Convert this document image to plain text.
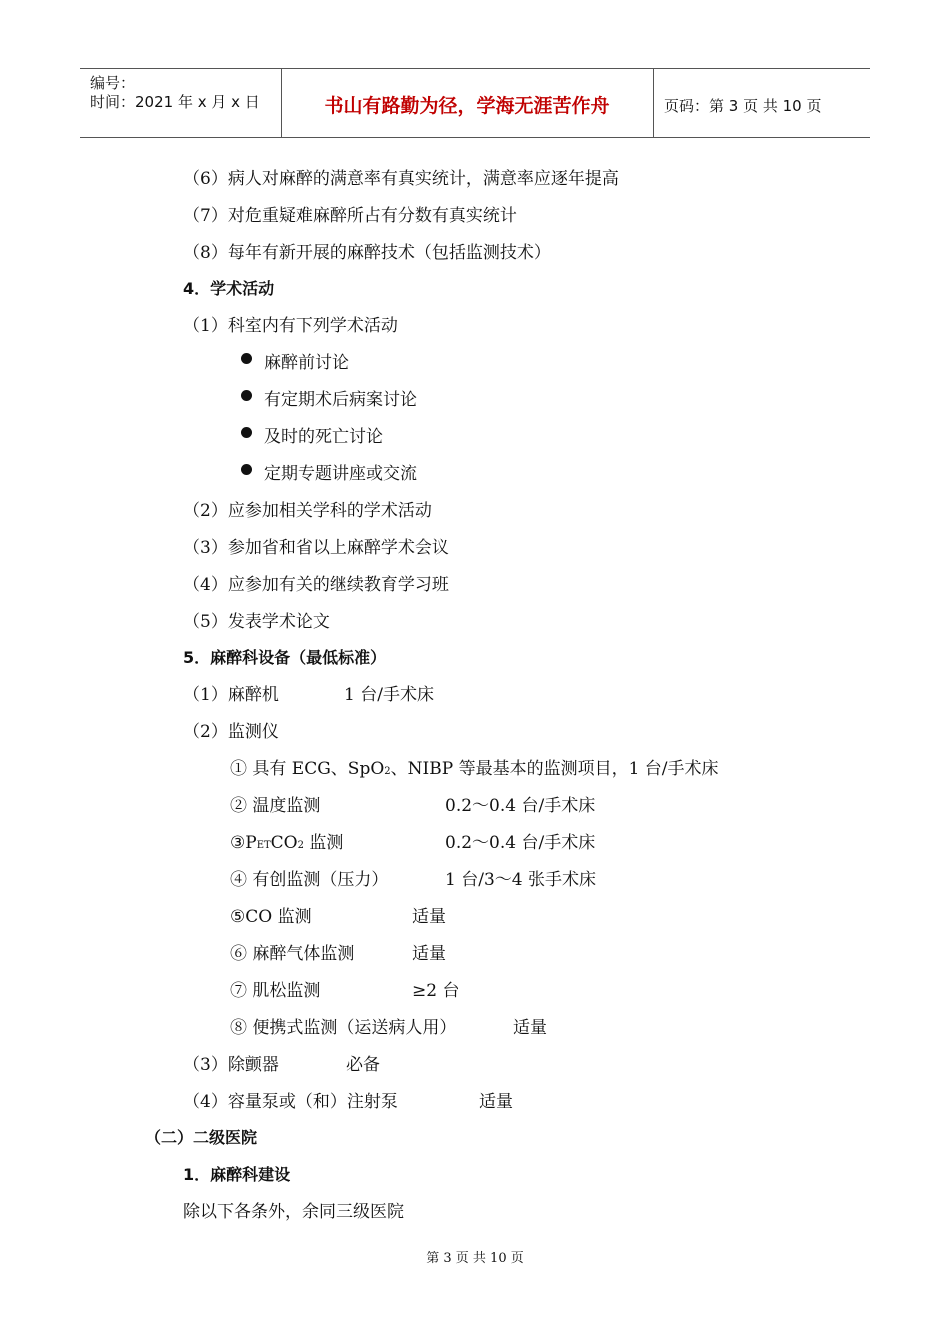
编号：
时间：2021 年 x 月 x 日	书山有路勤为径，学海无涯苦作舟	页码：第 3 页 共 10 页
（6）病人对麻醉的满意率有真实统计，满意率应逐年提高
（7）对危重疑难麻醉所占有分数有真实统计
（8）每年有新开展的麻醉技术（包括监测技术）
4．学术活动
（1）科室内有下列学术活动
麻醉前讨论
有定期术后病案讨论
及时的死亡讨论
定期专题讲座或交流
（2）应参加相关学科的学术活动
（3）参加省和省以上麻醉学术会议
（4）应参加有关的继续教育学习班
（5）发表学术论文
5．麻醉科设备（最低标准）
（1）麻醉机	1 台/手术床
（2）监测仪
① 具有 ECG、SpO2、NIBP 等最基本的监测项目，1 台/手术床
② 温度监测	0.2～0.4 台/手术床
③PETCO2 监测	0.2～0.4 台/手术床
④ 有创监测（压力）	1 台/3～4 张手术床
⑤CO 监测	适量
⑥ 麻醉气体监测	适量
⑦ 肌松监测	≥2 台
⑧ 便携式监测（运送病人用）	适量
（3）除颤器	必备
（4）容量泵或（和）注射泵	适量
（二）二级医院
1．麻醉科建设
除以下各条外，余同三级医院
第 3 页 共 10 页
